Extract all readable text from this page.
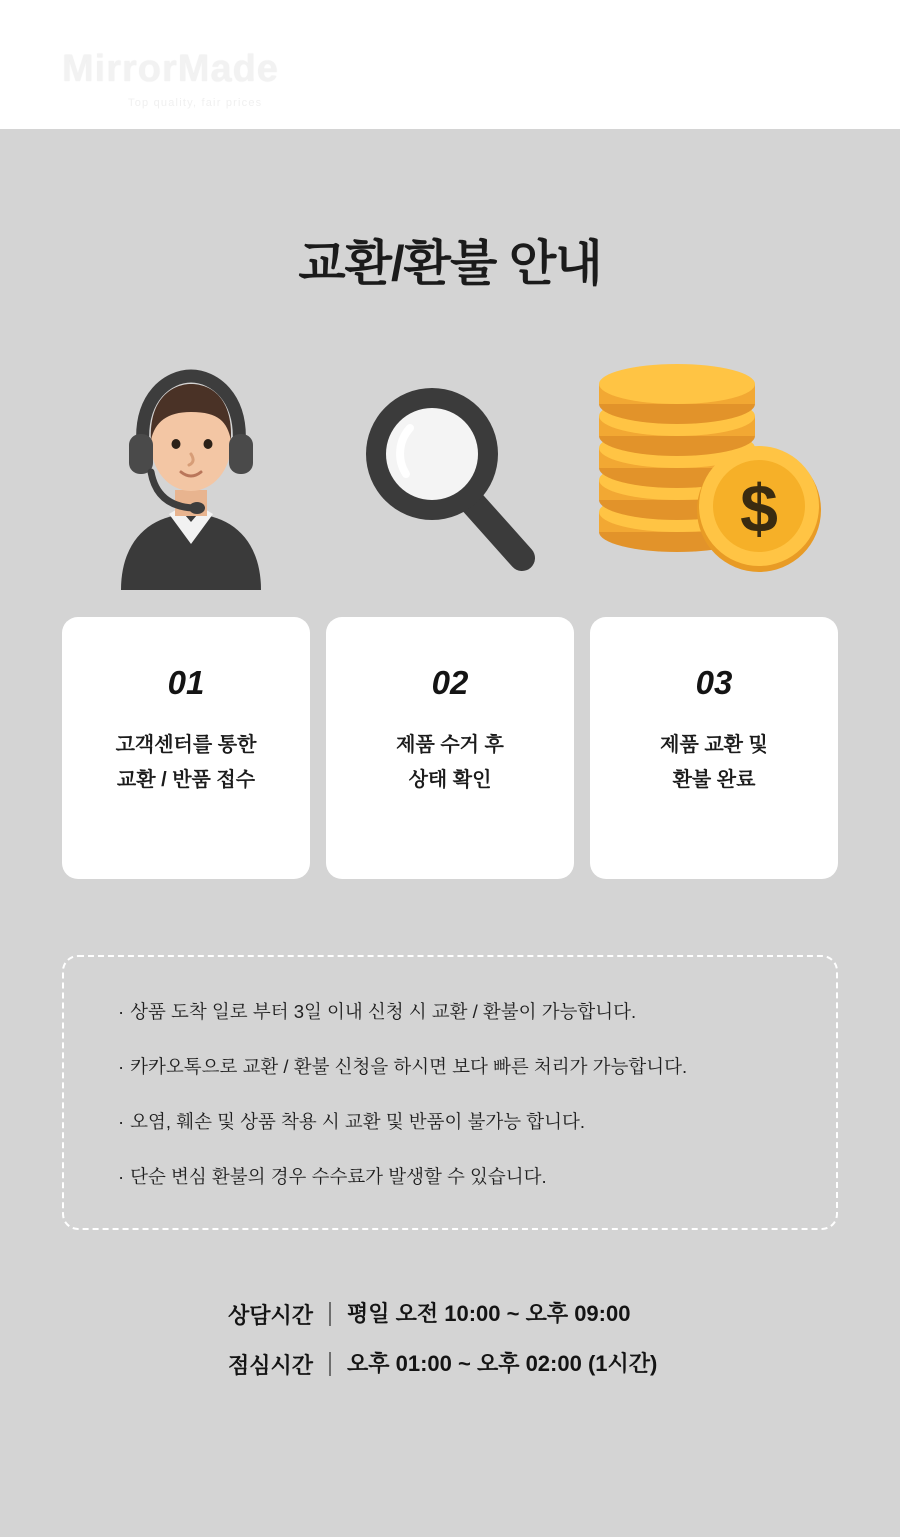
MirrorMade
Top quality, fair prices
교환/환불 안내
$
01
고객센터를 통한
교환 / 반품 접수
02
제품 수거 후
상태 확인
03
제품 교환 및
환불 완료
· 상품 도착 일로 부터 3일 이내 신청 시 교환 / 환불이 가능합니다.
· 카카오톡으로 교환 / 환불 신청을 하시면 보다 빠른 처리가 가능합니다.
· 오염, 훼손 및 상품 착용 시 교환 및 반품이 불가능 합니다.
· 단순 변심 환불의 경우 수수료가 발생할 수 있습니다.
상담시간	평일 오전 10:00 ~ 오후 09:00
점심시간	오후 01:00 ~ 오후 02:00 (1시간)
